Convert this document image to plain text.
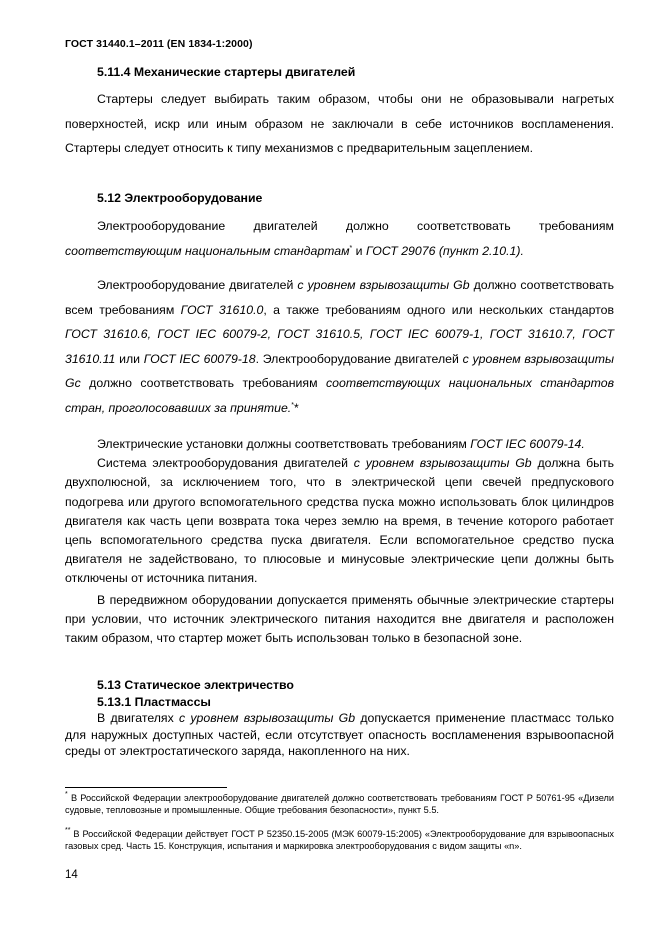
ГОСТ 31440.1–2011 (EN 1834-1:2000)
5.11.4 Механические стартеры двигателей
Стартеры следует выбирать таким образом, чтобы они не образовывали нагретых поверхностей, искр или иным образом не заключали в себе источников воспламенения. Стартеры следует относить к типу механизмов с предварительным зацеплением.
5.12 Электрооборудование
Электрооборудование двигателей должно соответствовать требованиям соответствующим национальным стандартам* и ГОСТ 29076 (пункт 2.10.1).
Электрооборудование двигателей с уровнем взрывозащиты Gb должно соответствовать всем требованиям ГОСТ 31610.0, а также требованиям одного или нескольких стандартов ГОСТ 31610.6, ГОСТ IEC 60079-2, ГОСТ 31610.5, ГОСТ IEC 60079-1, ГОСТ 31610.7, ГОСТ 31610.11 или ГОСТ IEC 60079-18. Электрооборудование двигателей с уровнем взрывозащиты Gc должно соответствовать требованиям соответствующих национальных стандартов стран, проголосовавших за принятие.**
Электрические установки должны соответствовать требованиям ГОСТ IEC 60079-14.
Система электрооборудования двигателей с уровнем взрывозащиты Gb должна быть двухполюсной, за исключением того, что в электрической цепи свечей предпускового подогрева или другого вспомогательного средства пуска можно использовать блок цилиндров двигателя как часть цепи возврата тока через землю на время, в течение которого работает цепь вспомогательного средства пуска двигателя. Если вспомогательное средство пуска двигателя не задействовано, то плюсовые и минусовые электрические цепи должны быть отключены от источника питания.
В передвижном оборудовании допускается применять обычные электрические стартеры при условии, что источник электрического питания находится вне двигателя и расположен таким образом, что стартер может быть использован только в безопасной зоне.
5.13 Статическое электричество
5.13.1 Пластмассы
В двигателях с уровнем взрывозащиты Gb допускается применение пластмасс только для наружных доступных частей, если отсутствует опасность воспламенения взрывоопасной среды от электростатического заряда, накопленного на них.
* В Российской Федерации электрооборудование двигателей должно соответствовать требованиям ГОСТ Р 50761-95 «Дизели судовые, тепловозные и промышленные. Общие требования безопасности», пункт 5.5.
** В Российской Федерации действует ГОСТ Р 52350.15-2005 (МЭК 60079-15:2005) «Электрооборудование для взрывоопасных газовых сред. Часть 15. Конструкция, испытания и маркировка электрооборудования с видом защиты «n».
14
